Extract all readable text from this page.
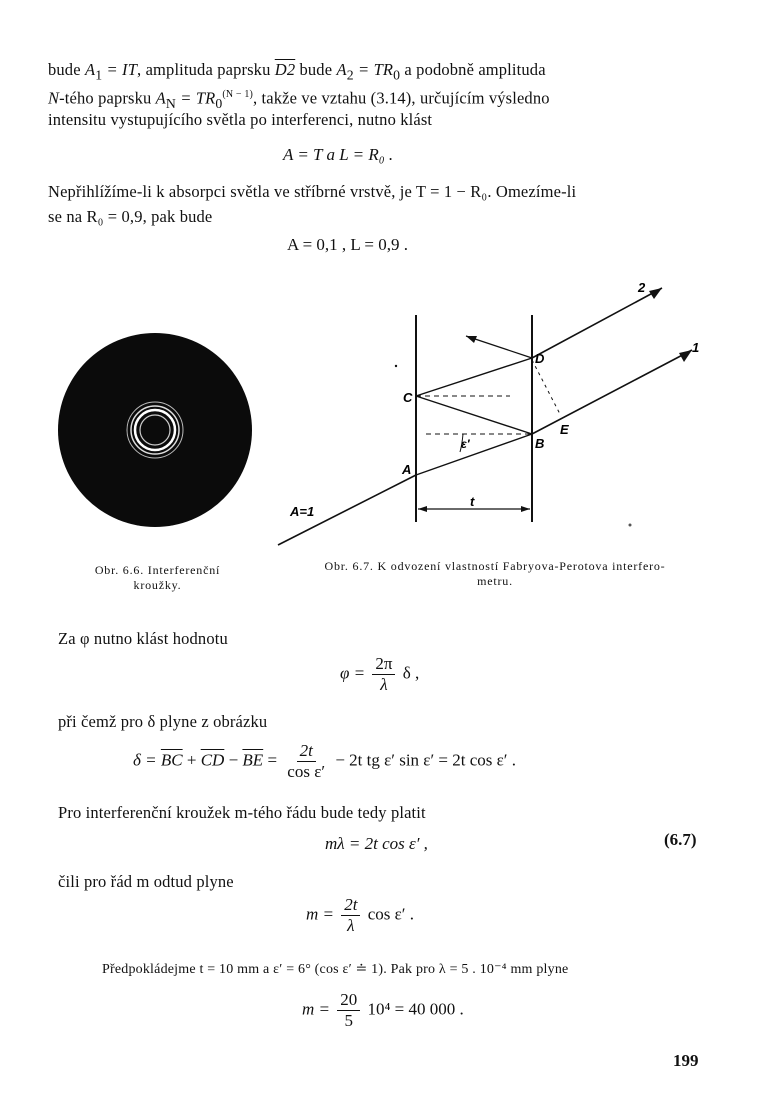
bude $A_1$ = IT, amplituda paprsku D2 bude $A_2 = TR_0$ a podobně amplituda
N-tého paprsku $A_N = TR_0^{(N - 1)}$, takže ve vztahu (3.14), určujícím výsledno
intensitu vystupujícího světla po interferenci, nutno klást
A = T a L = R₀ .
Nepřihlížíme-li k absorpci světla ve stříbrné vrstvě, je T = 1 − R₀. Omezíme-li
se na R₀ = 0,9, pak bude
A = 0,1 , L = 0,9 .
Obr. 6.6. Interferenční
kroužky.
A
B
C
D
E
t
ε′
A=1
1
2
Obr. 6.7. K odvození vlastností Fabryova-Perotova interfero-
metru.
Za φ nutno klást hodnotu
$\varphi = \frac{2\pi}{\lambda}$ δ ,
při čemž pro δ plyne z obrázku
$\delta = \overline{BC} + \overline{CD} - \overline{BE} = \frac{2t}{\text{cos ε′}} - 2t$ tg ε′ sin ε′ = 2t cos ε′ .
Pro interferenční kroužek m-tého řádu bude tedy platit
mλ = 2t cos ε′ ,	(6.7)
čili pro řád m odtud plyne
$m = \frac{2t}{\lambda}$ cos ε′ .
Předpokládejme t = 10 mm a ε′ = 6° (cos ε′ ≐ 1). Pak pro λ = 5 . 10⁻⁴ mm plyne
$m = \frac{20}{5} 10^4 = 40$ 000 .
199
